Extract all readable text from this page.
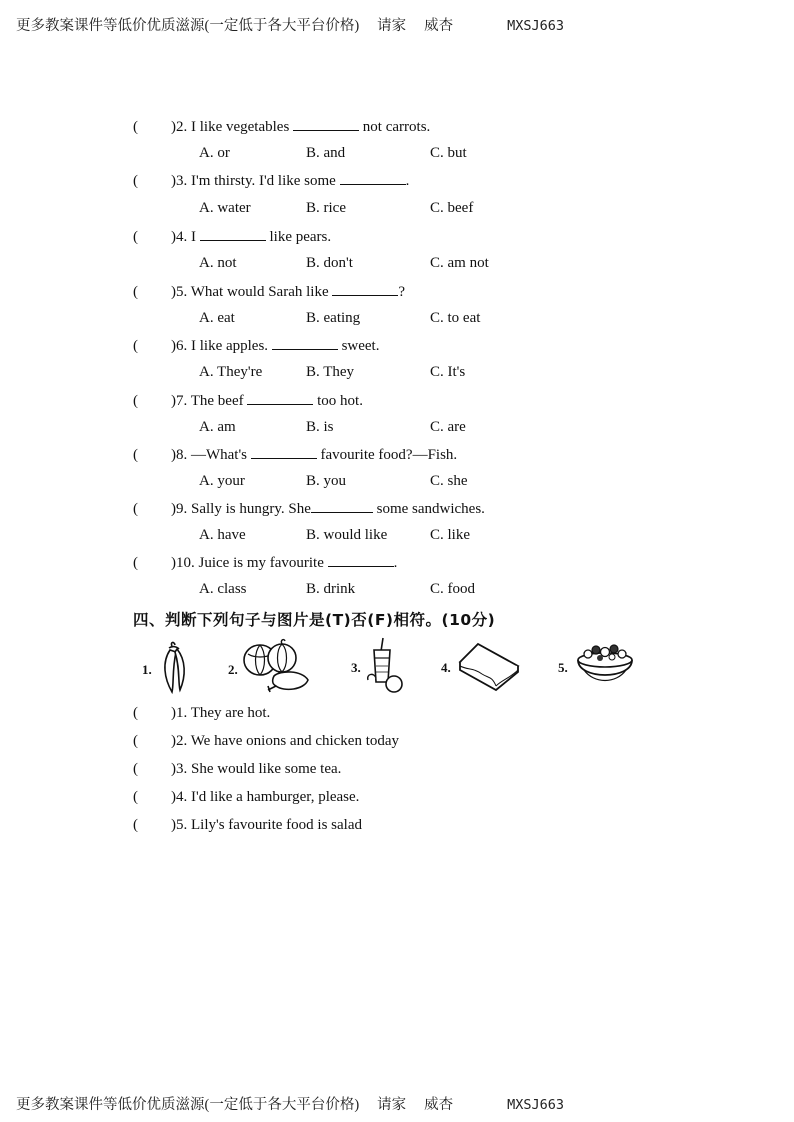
更多教案课件等低价优质滋源(一定低于各大平台价格) 请家 威杏	MXSJ663
( )2. I like vegetables	not carrots.
A. or	B. and	C. but
( )3. I'm thirsty. I'd like some	.
A. water	B. rice	C. beef
( )4. I	like pears.
A. not	B. don't	C. am not
( )5. What would Sarah like	?
A. eat	B. eating	C. to eat
( )6. I like apples.	sweet.
A. They're	B. They	C. It's
( )7. The beef	too hot.
A. am	B. is	C. are
( )8. —What's	favourite food?—Fish.
A. your	B. you	C. she
( )9. Sally is hungry. She	some sandwiches.
A. have	B. would like	C. like
( )10. Juice is my favourite	.
A. class	B. drink	C. food
四、判断下列句子与图片是(T)否(F)相符。(10分)
1.	2.	3.	4.	5.
( )1. They are hot.
( )2. We have onions and chicken today
( )3. She would like some tea.
( )4. I'd like a hamburger, please.
( )5. Lily's favourite food is salad
更多教案课件等低价优质滋源(一定低于各大平台价格) 请家 威杏	MXSJ663
